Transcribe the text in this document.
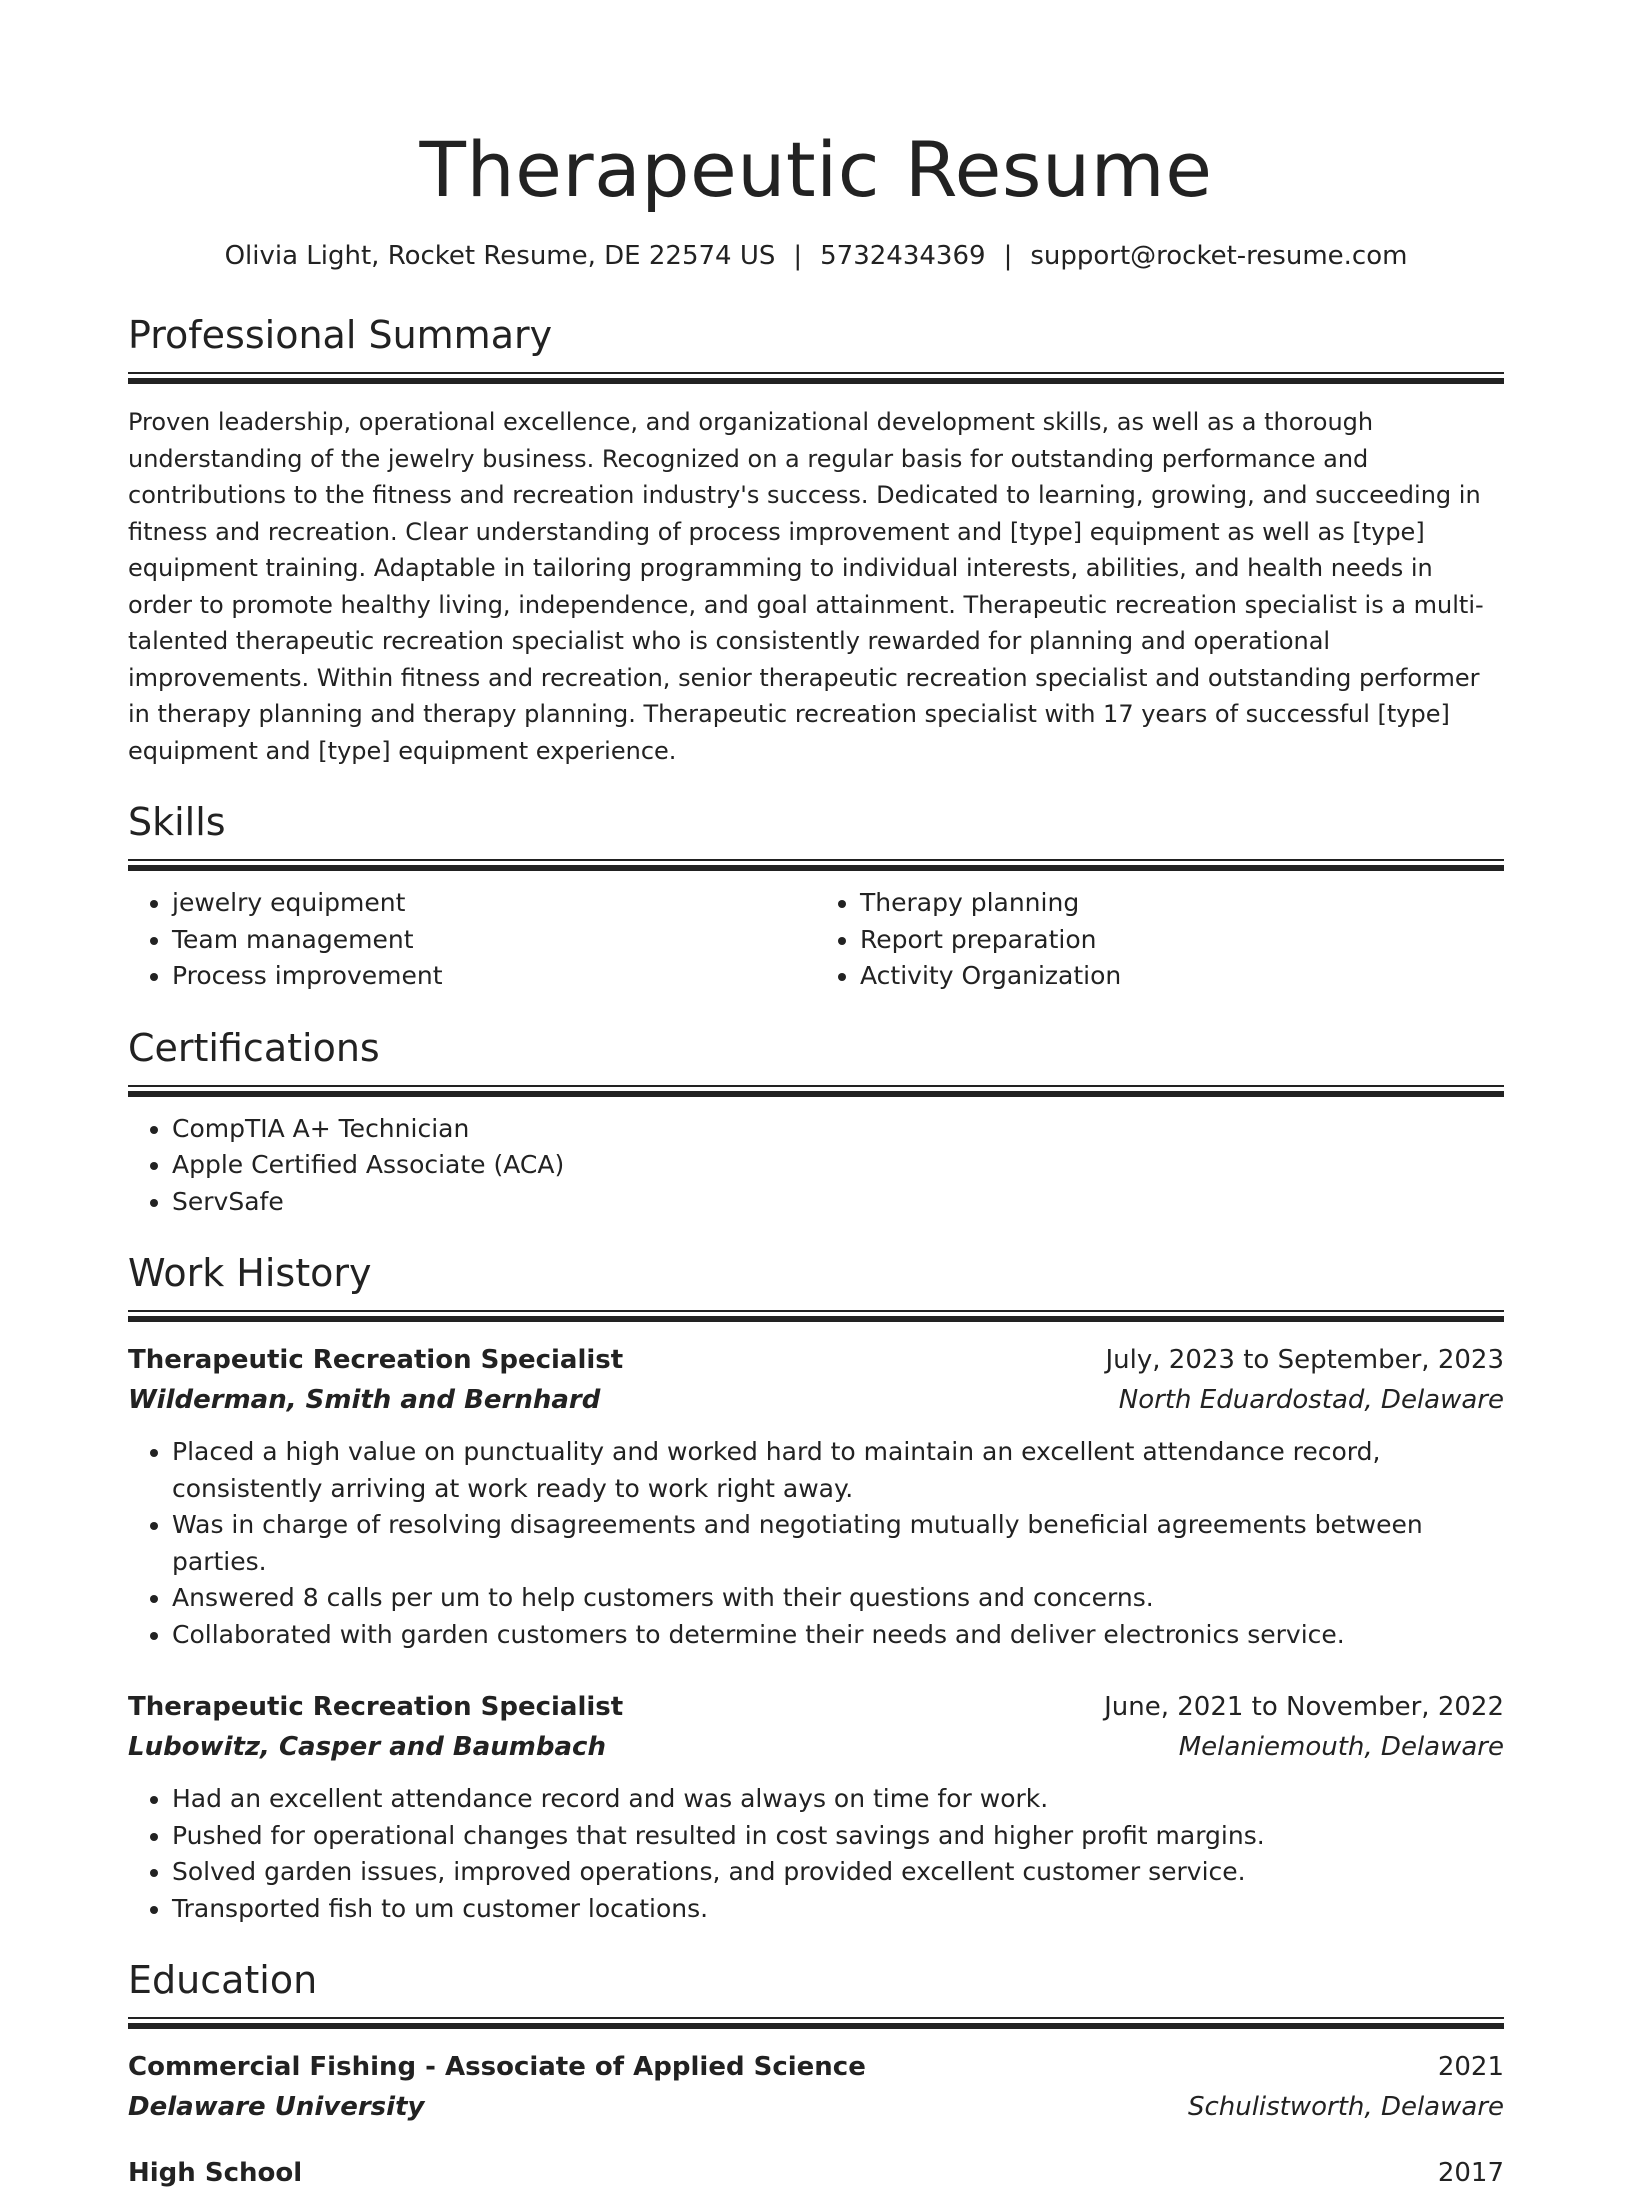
Therapeutic Resume
Olivia Light, Rocket Resume, DE 22574 US | 5732434369 | support@rocket-resume.com
Professional Summary
Proven leadership, operational excellence, and organizational development skills, as well as a thorough understanding of the jewelry business. Recognized on a regular basis for outstanding performance and contributions to the fitness and recreation industry's success. Dedicated to learning, growing, and succeeding in fitness and recreation. Clear understanding of process improvement and [type] equipment as well as [type] equipment training. Adaptable in tailoring programming to individual interests, abilities, and health needs in order to promote healthy living, independence, and goal attainment. Therapeutic recreation specialist is a multi-talented therapeutic recreation specialist who is consistently rewarded for planning and operational improvements. Within fitness and recreation, senior therapeutic recreation specialist and outstanding performer in therapy planning and therapy planning. Therapeutic recreation specialist with 17 years of successful [type] equipment and [type] equipment experience.
Skills
• jewelry equipment
• Team management
• Process improvement
• Therapy planning
• Report preparation
• Activity Organization
Certifications
• CompTIA A+ Technician
• Apple Certified Associate (ACA)
• ServSafe
Work History
Therapeutic Recreation Specialist	July, 2023 to September, 2023
Wilderman, Smith and Bernhard	North Eduardostad, Delaware
• Placed a high value on punctuality and worked hard to maintain an excellent attendance record, consistently arriving at work ready to work right away.
• Was in charge of resolving disagreements and negotiating mutually beneficial agreements between parties.
• Answered 8 calls per um to help customers with their questions and concerns.
• Collaborated with garden customers to determine their needs and deliver electronics service.
Therapeutic Recreation Specialist	June, 2021 to November, 2022
Lubowitz, Casper and Baumbach	Melaniemouth, Delaware
• Had an excellent attendance record and was always on time for work.
• Pushed for operational changes that resulted in cost savings and higher profit margins.
• Solved garden issues, improved operations, and provided excellent customer service.
• Transported fish to um customer locations.
Education
Commercial Fishing - Associate of Applied Science	2021
Delaware University	Schulistworth, Delaware
High School	2017
